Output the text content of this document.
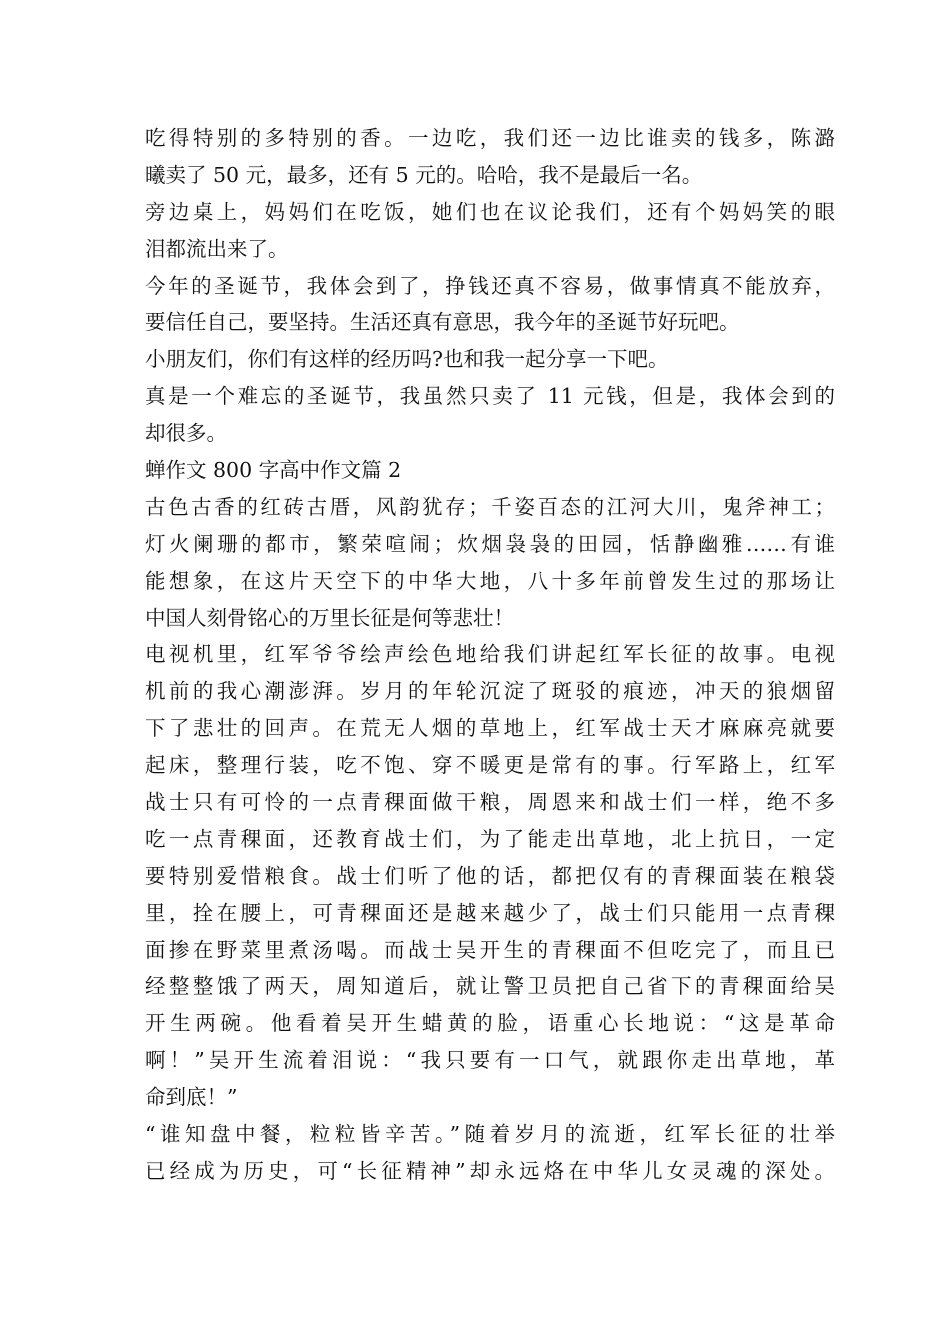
吃得特别的多特别的香。一边吃，我们还一边比谁卖的钱多，陈潞
曦卖了 50 元，最多，还有 5 元的。哈哈，我不是最后一名。
旁边桌上，妈妈们在吃饭，她们也在议论我们，还有个妈妈笑的眼
泪都流出来了。
今年的圣诞节，我体会到了，挣钱还真不容易，做事情真不能放弃，
要信任自己，要坚持。生活还真有意思，我今年的圣诞节好玩吧。
小朋友们，你们有这样的经历吗?也和我一起分享一下吧。
真是一个难忘的圣诞节，我虽然只卖了 11 元钱，但是，我体会到的
却很多。
蝉作文 800 字高中作文篇 2
古色古香的红砖古厝，风韵犹存；千姿百态的江河大川，鬼斧神工；
灯火阑珊的都市，繁荣喧闹；炊烟袅袅的田园，恬静幽雅……有谁
能想象，在这片天空下的中华大地，八十多年前曾发生过的那场让
中国人刻骨铭心的万里长征是何等悲壮！
电视机里，红军爷爷绘声绘色地给我们讲起红军长征的故事。电视
机前的我心潮澎湃。岁月的年轮沉淀了斑驳的痕迹，冲天的狼烟留
下了悲壮的回声。在荒无人烟的草地上，红军战士天才麻麻亮就要
起床，整理行装，吃不饱、穿不暖更是常有的事。行军路上，红军
战士只有可怜的一点青稞面做干粮，周恩来和战士们一样，绝不多
吃一点青稞面，还教育战士们，为了能走出草地，北上抗日，一定
要特别爱惜粮食。战士们听了他的话，都把仅有的青稞面装在粮袋
里，拴在腰上，可青稞面还是越来越少了，战士们只能用一点青稞
面掺在野菜里煮汤喝。而战士吴开生的青稞面不但吃完了，而且已
经整整饿了两天，周知道后，就让警卫员把自己省下的青稞面给吴
开生两碗。他看着吴开生蜡黄的脸，语重心长地说：“这是革命
啊！”吴开生流着泪说：“我只要有一口气，就跟你走出草地，革
命到底！”
“谁知盘中餐，粒粒皆辛苦。”随着岁月的流逝，红军长征的壮举
已经成为历史，可“长征精神”却永远烙在中华儿女灵魂的深处。
